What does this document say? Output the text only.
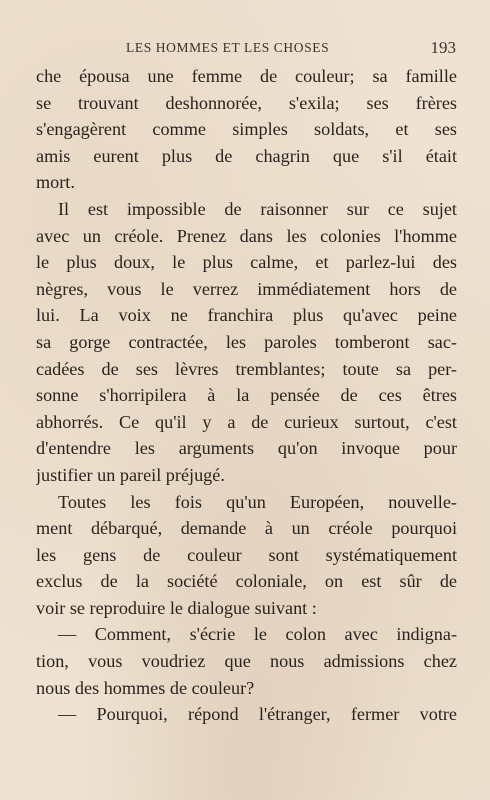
LES HOMMES ET LES CHOSES	193
che épousa une femme de couleur; sa famille
se trouvant deshonnorée, s'exila; ses frères
s'engagèrent comme simples soldats, et ses
amis eurent plus de chagrin que s'il était
mort.
Il est impossible de raisonner sur ce sujet
avec un créole. Prenez dans les colonies l'homme
le plus doux, le plus calme, et parlez-lui des
nègres, vous le verrez immédiatement hors de
lui. La voix ne franchira plus qu'avec peine
sa gorge contractée, les paroles tomberont sac-
cadées de ses lèvres tremblantes; toute sa per-
sonne s'horripilera à la pensée de ces êtres
abhorrés. Ce qu'il y a de curieux surtout, c'est
d'entendre les arguments qu'on invoque pour
justifier un pareil préjugé.
Toutes les fois qu'un Européen, nouvelle-
ment débarqué, demande à un créole pourquoi
les gens de couleur sont systématiquement
exclus de la société coloniale, on est sûr de
voir se reproduire le dialogue suivant :
— Comment, s'écrie le colon avec indigna-
tion, vous voudriez que nous admissions chez
nous des hommes de couleur?
— Pourquoi, répond l'étranger, fermer votre
